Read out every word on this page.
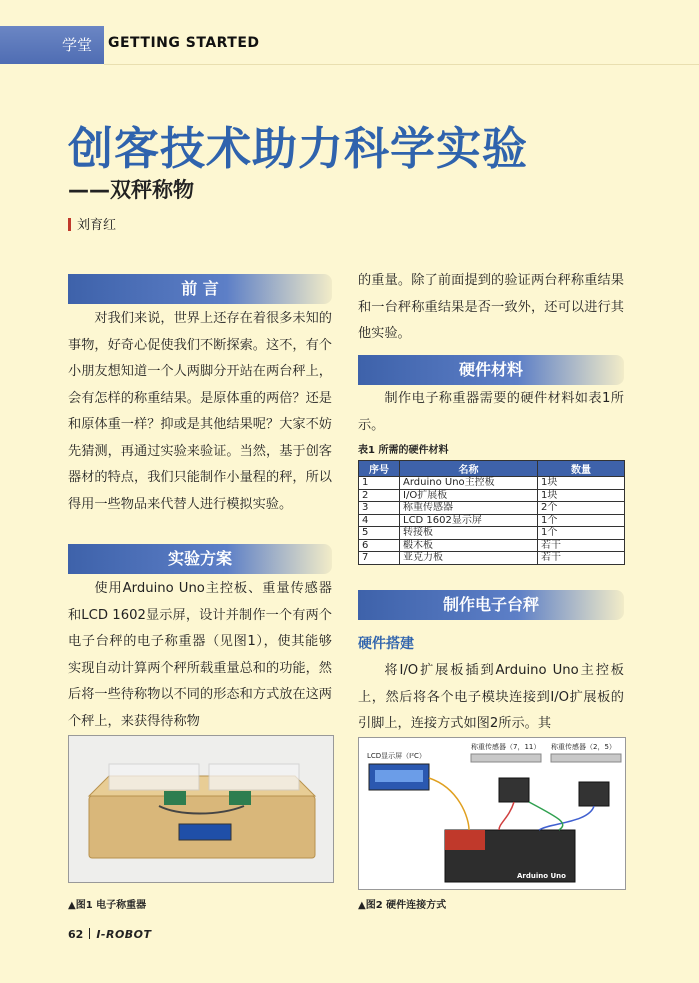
学堂 GETTING STARTED
创客技术助力科学实验
——双秤称物
刘育红
前 言

对我们来说，世界上还存在着很多未知的事物，好奇心促使我们不断探索。这不，有个小朋友想知道一个人两脚分开站在两台秤上，会有怎样的称重结果。是原体重的两倍？还是和原体重一样？抑或是其他结果呢？大家不妨先猜测，再通过实验来验证。当然，基于创客器材的特点，我们只能制作小量程的秤，所以得用一些物品来代替人进行模拟实验。

实验方案

使用Arduino Uno主控板、重量传感器和LCD 1602显示屏，设计并制作一个有两个电子台秤的电子称重器（见图1），使其能够实现自动计算两个秤所载重量总和的功能，然后将一些待称物以不同的形态和方式放在这两个秤上，来获得待称物

▲图1 电子称重器

的重量。除了前面提到的验证两台秤称重结果和一台秤称重结果是否一致外，还可以进行其他实验。

硬件材料

制作电子称重器需要的硬件材料如表1所示。

表1 所需的硬件材料
序号	名称	数量
1	Arduino Uno主控板	1块
2	I/O扩展板	1块
3	称重传感器	2个
4	LCD 1602显示屏	1个
5	转接板	1个
6	椴木板	若干
7	亚克力板	若干
制作电子台秤
硬件搭建

将I/O扩展板插到Arduino Uno主控板上，然后将各个电子模块连接到I/O扩展板的引脚上，连接方式如图2所示。其

LCD显示屏（I²C）
称重传感器（7，11） 称重传感器（2，5）
Arduino Uno
▲图2 硬件连接方式
62 I-ROBOT
